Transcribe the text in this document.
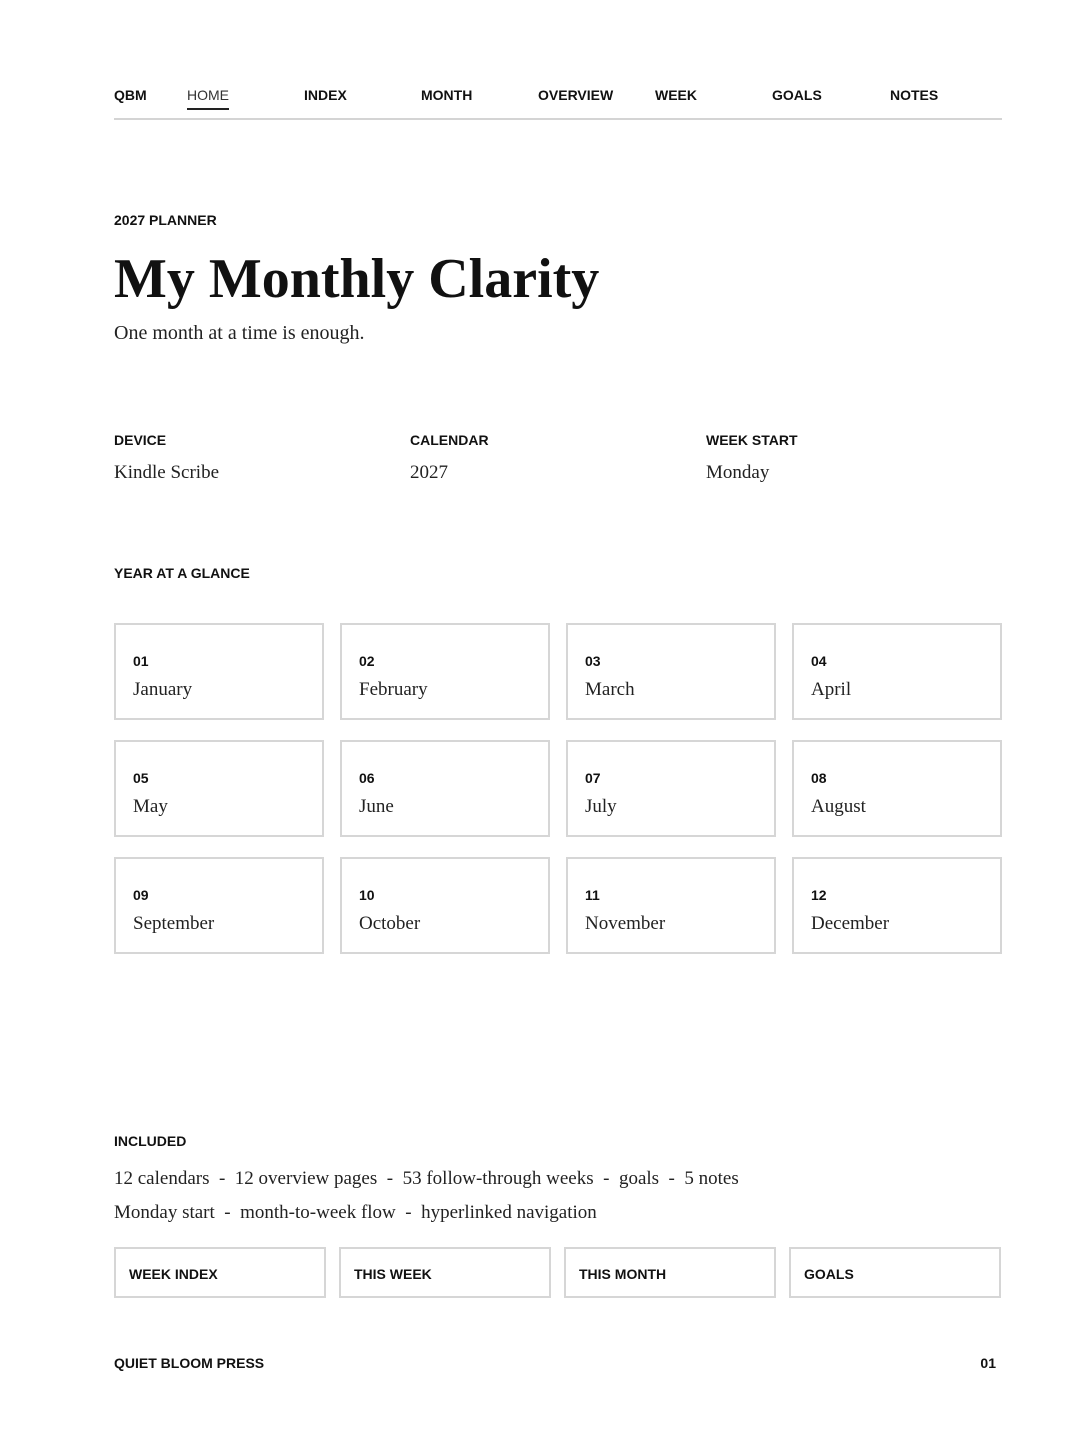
QBM	HOME	INDEX	MONTH	OVERVIEW	WEEK	GOALS	NOTES
2027 PLANNER
My Monthly Clarity
One month at a time is enough.
DEVICE
Kindle Scribe
CALENDAR
2027
WEEK START
Monday
YEAR AT A GLANCE
01
January
02
February
03
March
04
April
05
May
06
June
07
July
08
August
09
September
10
October
11
November
12
December
INCLUDED
12 calendars  -  12 overview pages  -  53 follow-through weeks  -  goals  -  5 notes
Monday start  -  month-to-week flow  -  hyperlinked navigation
WEEK INDEX	THIS WEEK	THIS MONTH	GOALS
QUIET BLOOM PRESS	01
